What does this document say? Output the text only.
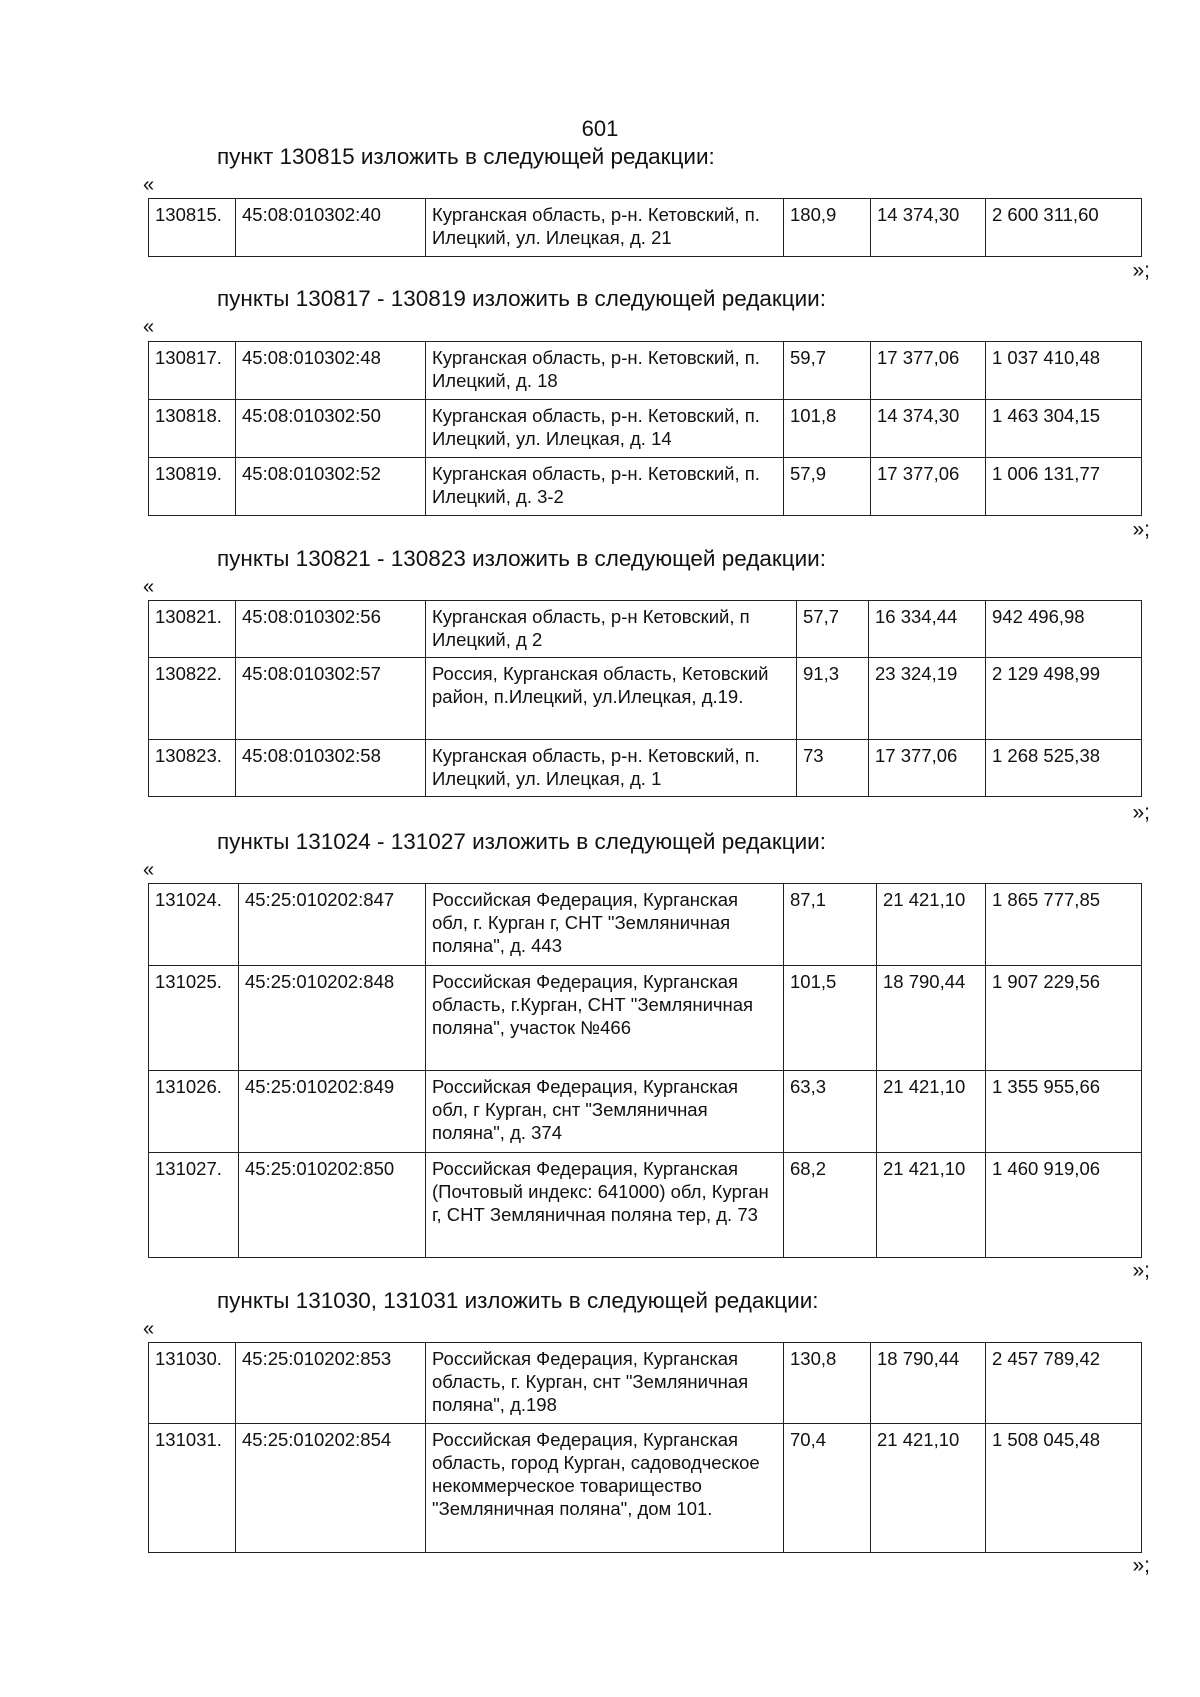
601
пункт 130815 изложить в следующей редакции:
«
130815.	45:08:010302:40	Курганская область, р-н. Кетовский, п. Илецкий, ул. Илецкая, д. 21	180,9	14 374,30	2 600 311,60
»;
пункты 130817 - 130819 изложить в следующей редакции:
«
130817.	45:08:010302:48	Курганская область, р-н. Кетовский, п. Илецкий, д. 18	59,7	17 377,06	1 037 410,48
130818.	45:08:010302:50	Курганская область, р-н. Кетовский, п. Илецкий, ул. Илецкая, д. 14	101,8	14 374,30	1 463 304,15
130819.	45:08:010302:52	Курганская область, р-н. Кетовский, п. Илецкий, д. 3-2	57,9	17 377,06	1 006 131,77
»;
пункты 130821 - 130823 изложить в следующей редакции:
«
130821.	45:08:010302:56	Курганская область, р-н Кетовский, п Илецкий, д 2	57,7	16 334,44	942 496,98
130822.	45:08:010302:57	Россия, Курганская область, Кетовский район, п.Илецкий, ул.Илецкая, д.19.	91,3	23 324,19	2 129 498,99
130823.	45:08:010302:58	Курганская область, р-н. Кетовский, п. Илецкий, ул. Илецкая, д. 1	73	17 377,06	1 268 525,38
»;
пункты 131024 - 131027 изложить в следующей редакции:
«
131024.	45:25:010202:847	Российская Федерация, Курганская обл, г. Курган г, СНТ "Земляничная поляна", д. 443	87,1	21 421,10	1 865 777,85
131025.	45:25:010202:848	Российская Федерация, Курганская область, г.Курган, СНТ "Земляничная поляна", участок №466	101,5	18 790,44	1 907 229,56
131026.	45:25:010202:849	Российская Федерация, Курганская обл, г Курган, снт "Земляничная поляна", д. 374	63,3	21 421,10	1 355 955,66
131027.	45:25:010202:850	Российская Федерация, Курганская (Почтовый индекс: 641000) обл, Курган г, СНТ Земляничная поляна тер, д. 73	68,2	21 421,10	1 460 919,06
»;
пункты 131030, 131031 изложить в следующей редакции:
«
131030.	45:25:010202:853	Российская Федерация, Курганская область, г. Курган, снт "Земляничная поляна", д.198	130,8	18 790,44	2 457 789,42
131031.	45:25:010202:854	Российская Федерация, Курганская область, город Курган, садоводческое некоммерческое товарищество "Земляничная поляна", дом 101.	70,4	21 421,10	1 508 045,48
»;
